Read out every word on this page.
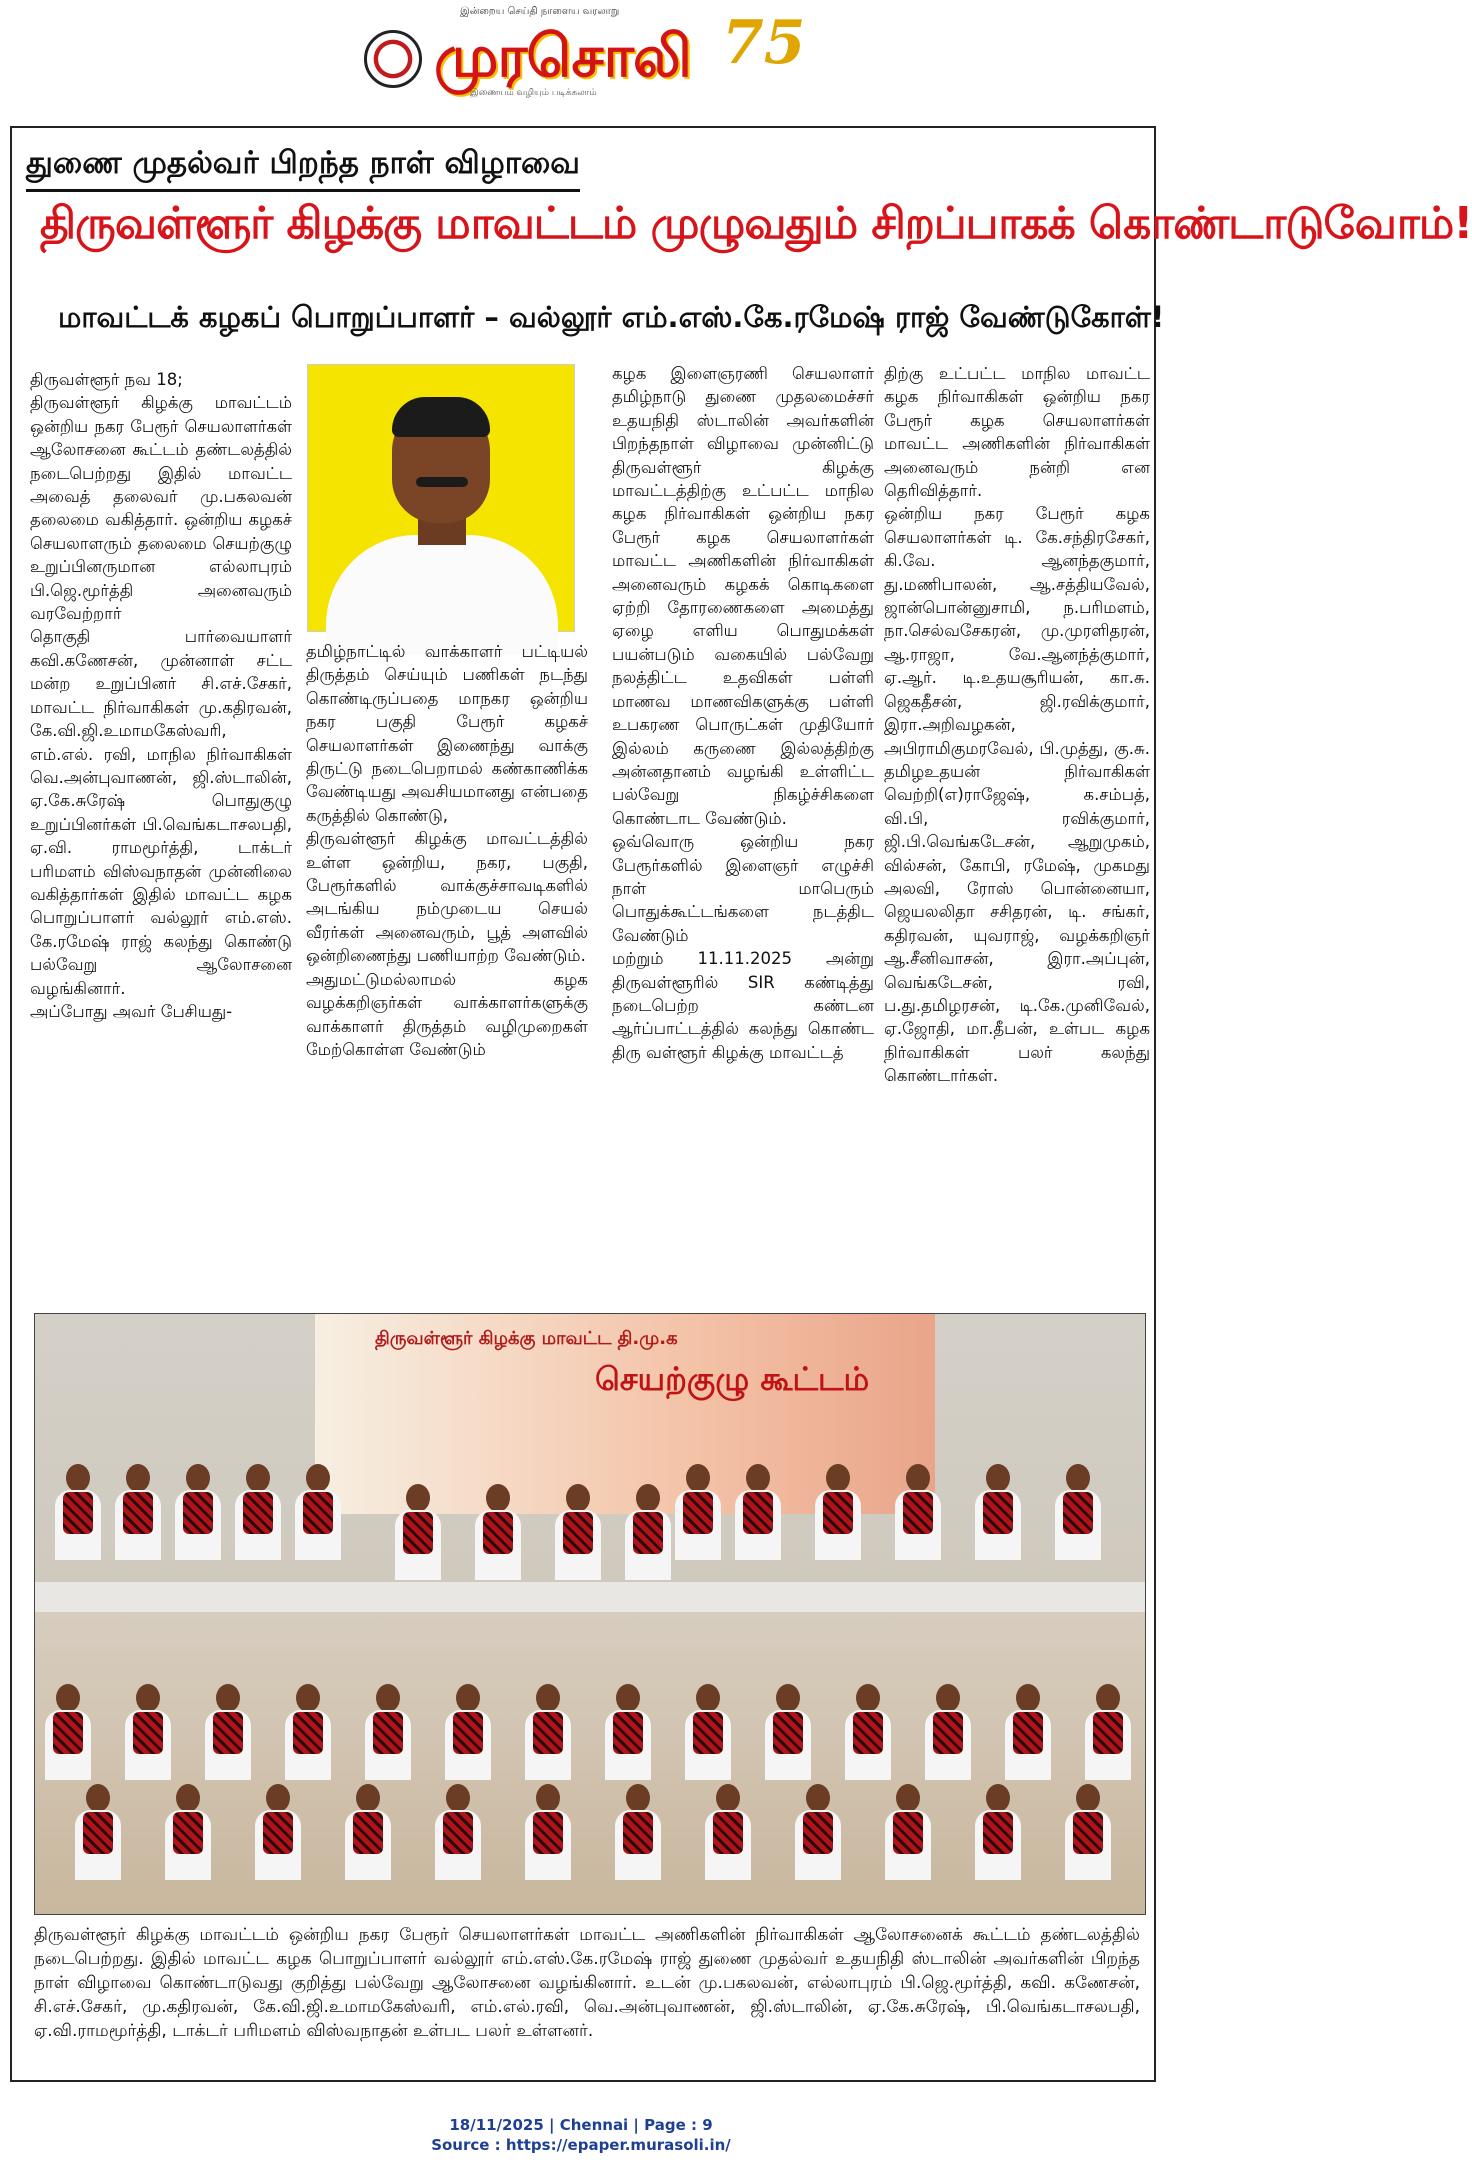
இன்றைய செய்தி நாளைய வரலாறு
முரசொலி
இணையம் வழியும் படிக்கலாம்
75
துணை முதல்வர் பிறந்த நாள் விழாவை
திருவள்ளூர் கிழக்கு மாவட்டம் முழுவதும் சிறப்பாகக் கொண்டாடுவோம்!
மாவட்டக் கழகப் பொறுப்பாளர் – வல்லூர் எம்.எஸ்.கே.ரமேஷ் ராஜ் வேண்டுகோள்!
திருவள்ளூர் நவ 18;
திருவள்ளூர் கிழக்கு மாவட்டம் ஒன்றிய நகர பேரூர் செயலாளர்கள் ஆலோசனை கூட்டம் தண்டலத்தில் நடைபெற்றது இதில் மாவட்ட அவைத் தலைவர் மு.பகலவன் தலைமை வகித்தார். ஒன்றிய கழகச் செயலாளரும் தலைமை செயற்குழு உறுப்பினருமான எல்லாபுரம் பி.ஜெ.மூர்த்தி அனைவரும் வரவேற்றார்
தொகுதி பார்வையாளர் கவி.கணேசன், முன்னாள் சட்ட மன்ற உறுப்பினர் சி.எச்.சேகர், மாவட்ட நிர்வாகிகள் மு.கதிரவன், கே.வி.ஜி.உமாமகேஸ்வரி, எம்.எல். ரவி, மாநில நிர்வாகிகள் வெ.அன்புவாணன், ஜி.ஸ்டாலின், ஏ.கே.சுரேஷ் பொதுகுழு உறுப்பினர்கள் பி.வெங்கடாசலபதி, ஏ.வி. ராமமூர்த்தி, டாக்டர் பரிமளம் விஸ்வநாதன் முன்னிலை வகித்தார்கள் இதில் மாவட்ட கழக பொறுப்பாளர் வல்லூர் எம்.எஸ். கே.ரமேஷ் ராஜ் கலந்து கொண்டு பல்வேறு ஆலோசனை வழங்கினார்.
அப்போது அவர் பேசியது-
தமிழ்நாட்டில் வாக்காளர் பட்டியல் திருத்தம் செய்யும் பணிகள் நடந்து கொண்டிருப்பதை மாநகர ஒன்றிய நகர பகுதி பேரூர் கழகச் செயலாளர்கள் இணைந்து வாக்கு திருட்டு நடைபெறாமல் கண்காணிக்க வேண்டியது அவசியமானது என்பதை கருத்தில் கொண்டு,
திருவள்ளூர் கிழக்கு மாவட்டத்தில் உள்ள ஒன்றிய, நகர, பகுதி, பேரூர்களில் வாக்குச்சாவடிகளில் அடங்கிய நம்முடைய செயல் வீரர்கள் அனைவரும், பூத் அளவில் ஒன்றிணைந்து பணியாற்ற வேண்டும்.
அதுமட்டுமல்லாமல் கழக வழக்கறிஞர்கள் வாக்காளர்களுக்கு வாக்காளர் திருத்தம் வழிமுறைகள் மேற்கொள்ள வேண்டும்
கழக இளைஞரணி செயலாளர் தமிழ்நாடு துணை முதலமைச்சர் உதயநிதி ஸ்டாலின் அவர்களின் பிறந்தநாள் விழாவை முன்னிட்டு திருவள்ளூர் கிழக்கு மாவட்டத்திற்கு உட்பட்ட மாநில கழக நிர்வாகிகள் ஒன்றிய நகர பேரூர் கழக செயலாளர்கள் மாவட்ட அணிகளின் நிர்வாகிகள் அனைவரும் கழகக் கொடிகளை ஏற்றி தோரணைகளை அமைத்து ஏழை எளிய பொதுமக்கள் பயன்படும் வகையில் பல்வேறு நலத்திட்ட உதவிகள் பள்ளி மாணவ மாணவிகளுக்கு பள்ளி உபகரண பொருட்கள் முதியோர் இல்லம் கருணை இல்லத்திற்கு அன்னதானம் வழங்கி உள்ளிட்ட பல்வேறு நிகழ்ச்சிகளை கொண்டாட வேண்டும்.
ஒவ்வொரு ஒன்றிய நகர பேரூர்களில் இளைஞர் எழுச்சி நாள் மாபெரும் பொதுக்கூட்டங்களை நடத்திட வேண்டும்
மற்றும் 11.11.2025 அன்று திருவள்ளூரில் SIR கண்டித்து நடைபெற்ற கண்டன ஆர்ப்பாட்டத்தில் கலந்து கொண்ட திரு வள்ளூர் கிழக்கு மாவட்டத்
திற்கு உட்பட்ட மாநில மாவட்ட கழக நிர்வாகிகள் ஒன்றிய நகர பேரூர் கழக செயலாளர்கள் மாவட்ட அணிகளின் நிர்வாகிகள் அனைவரும் நன்றி என தெரிவித்தார்.
ஒன்றிய நகர பேரூர் கழக செயலாளர்கள் டி. கே.சந்திரசேகர், கி.வே. ஆனந்தகுமார், து.மணிபாலன், ஆ.சத்தியவேல், ஜான்பொன்னுசாமி, ந.பரிமளம், நா.செல்வசேகரன், மு.முரளிதரன், ஆ.ராஜா, வே.ஆனந்த்குமார், ஏ.ஆர். டி.உதயசூரியன், கா.சு. ஜெகதீசன், ஜி.ரவிக்குமார், இரா.அறிவழகன், அபிராமிகுமரவேல், பி.முத்து, கு.சு. தமிழஉதயன் நிர்வாகிகள் வெற்றி(எ)ராஜேஷ், க.சம்பத், வி.பி, ரவிக்குமார், ஜி.பி.வெங்கடேசன், ஆறுமுகம், வில்சன், கோபி, ரமேஷ், முகமது அலவி, ரோஸ் பொன்னையா, ஜெயலலிதா சசிதரன், டி. சங்கர், கதிரவன், யுவராஜ், வழக்கறிஞர் ஆ.சீனிவாசன், இரா.அப்புன், வெங்கடேசன், ரவி, ப.து.தமிழரசன், டி.கே.முனிவேல், ஏ.ஜோதி, மா.தீபன், உள்பட கழக நிர்வாகிகள் பலர் கலந்து கொண்டார்கள்.
திருவள்ளூர் கிழக்கு மாவட்ட தி.மு.க
செயற்குழு கூட்டம்
திருவள்ளூர் கிழக்கு மாவட்டம் ஒன்றிய நகர பேரூர் செயலாளர்கள் மாவட்ட அணிகளின் நிர்வாகிகள் ஆலோசனைக் கூட்டம் தண்டலத்தில் நடைபெற்றது. இதில் மாவட்ட கழக பொறுப்பாளர் வல்லூர் எம்.எஸ்.கே.ரமேஷ் ராஜ் துணை முதல்வர் உதயநிதி ஸ்டாலின் அவர்களின் பிறந்த நாள் விழாவை கொண்டாடுவது குறித்து பல்வேறு ஆலோசனை வழங்கினார். உடன் மு.பகலவன், எல்லாபுரம் பி.ஜெ.மூர்த்தி, கவி. கணேசன், சி.எச்.சேகர், மு.கதிரவன், கே.வி.ஜி.உமாமகேஸ்வரி, எம்.எல்.ரவி, வெ.அன்புவாணன், ஜி.ஸ்டாலின், ஏ.கே.சுரேஷ், பி.வெங்கடாசலபதி, ஏ.வி.ராமமூர்த்தி, டாக்டர் பரிமளம் விஸ்வநாதன் உள்பட பலர் உள்ளனர்.
18/11/2025 | Chennai | Page : 9
Source : https://epaper.murasoli.in/
